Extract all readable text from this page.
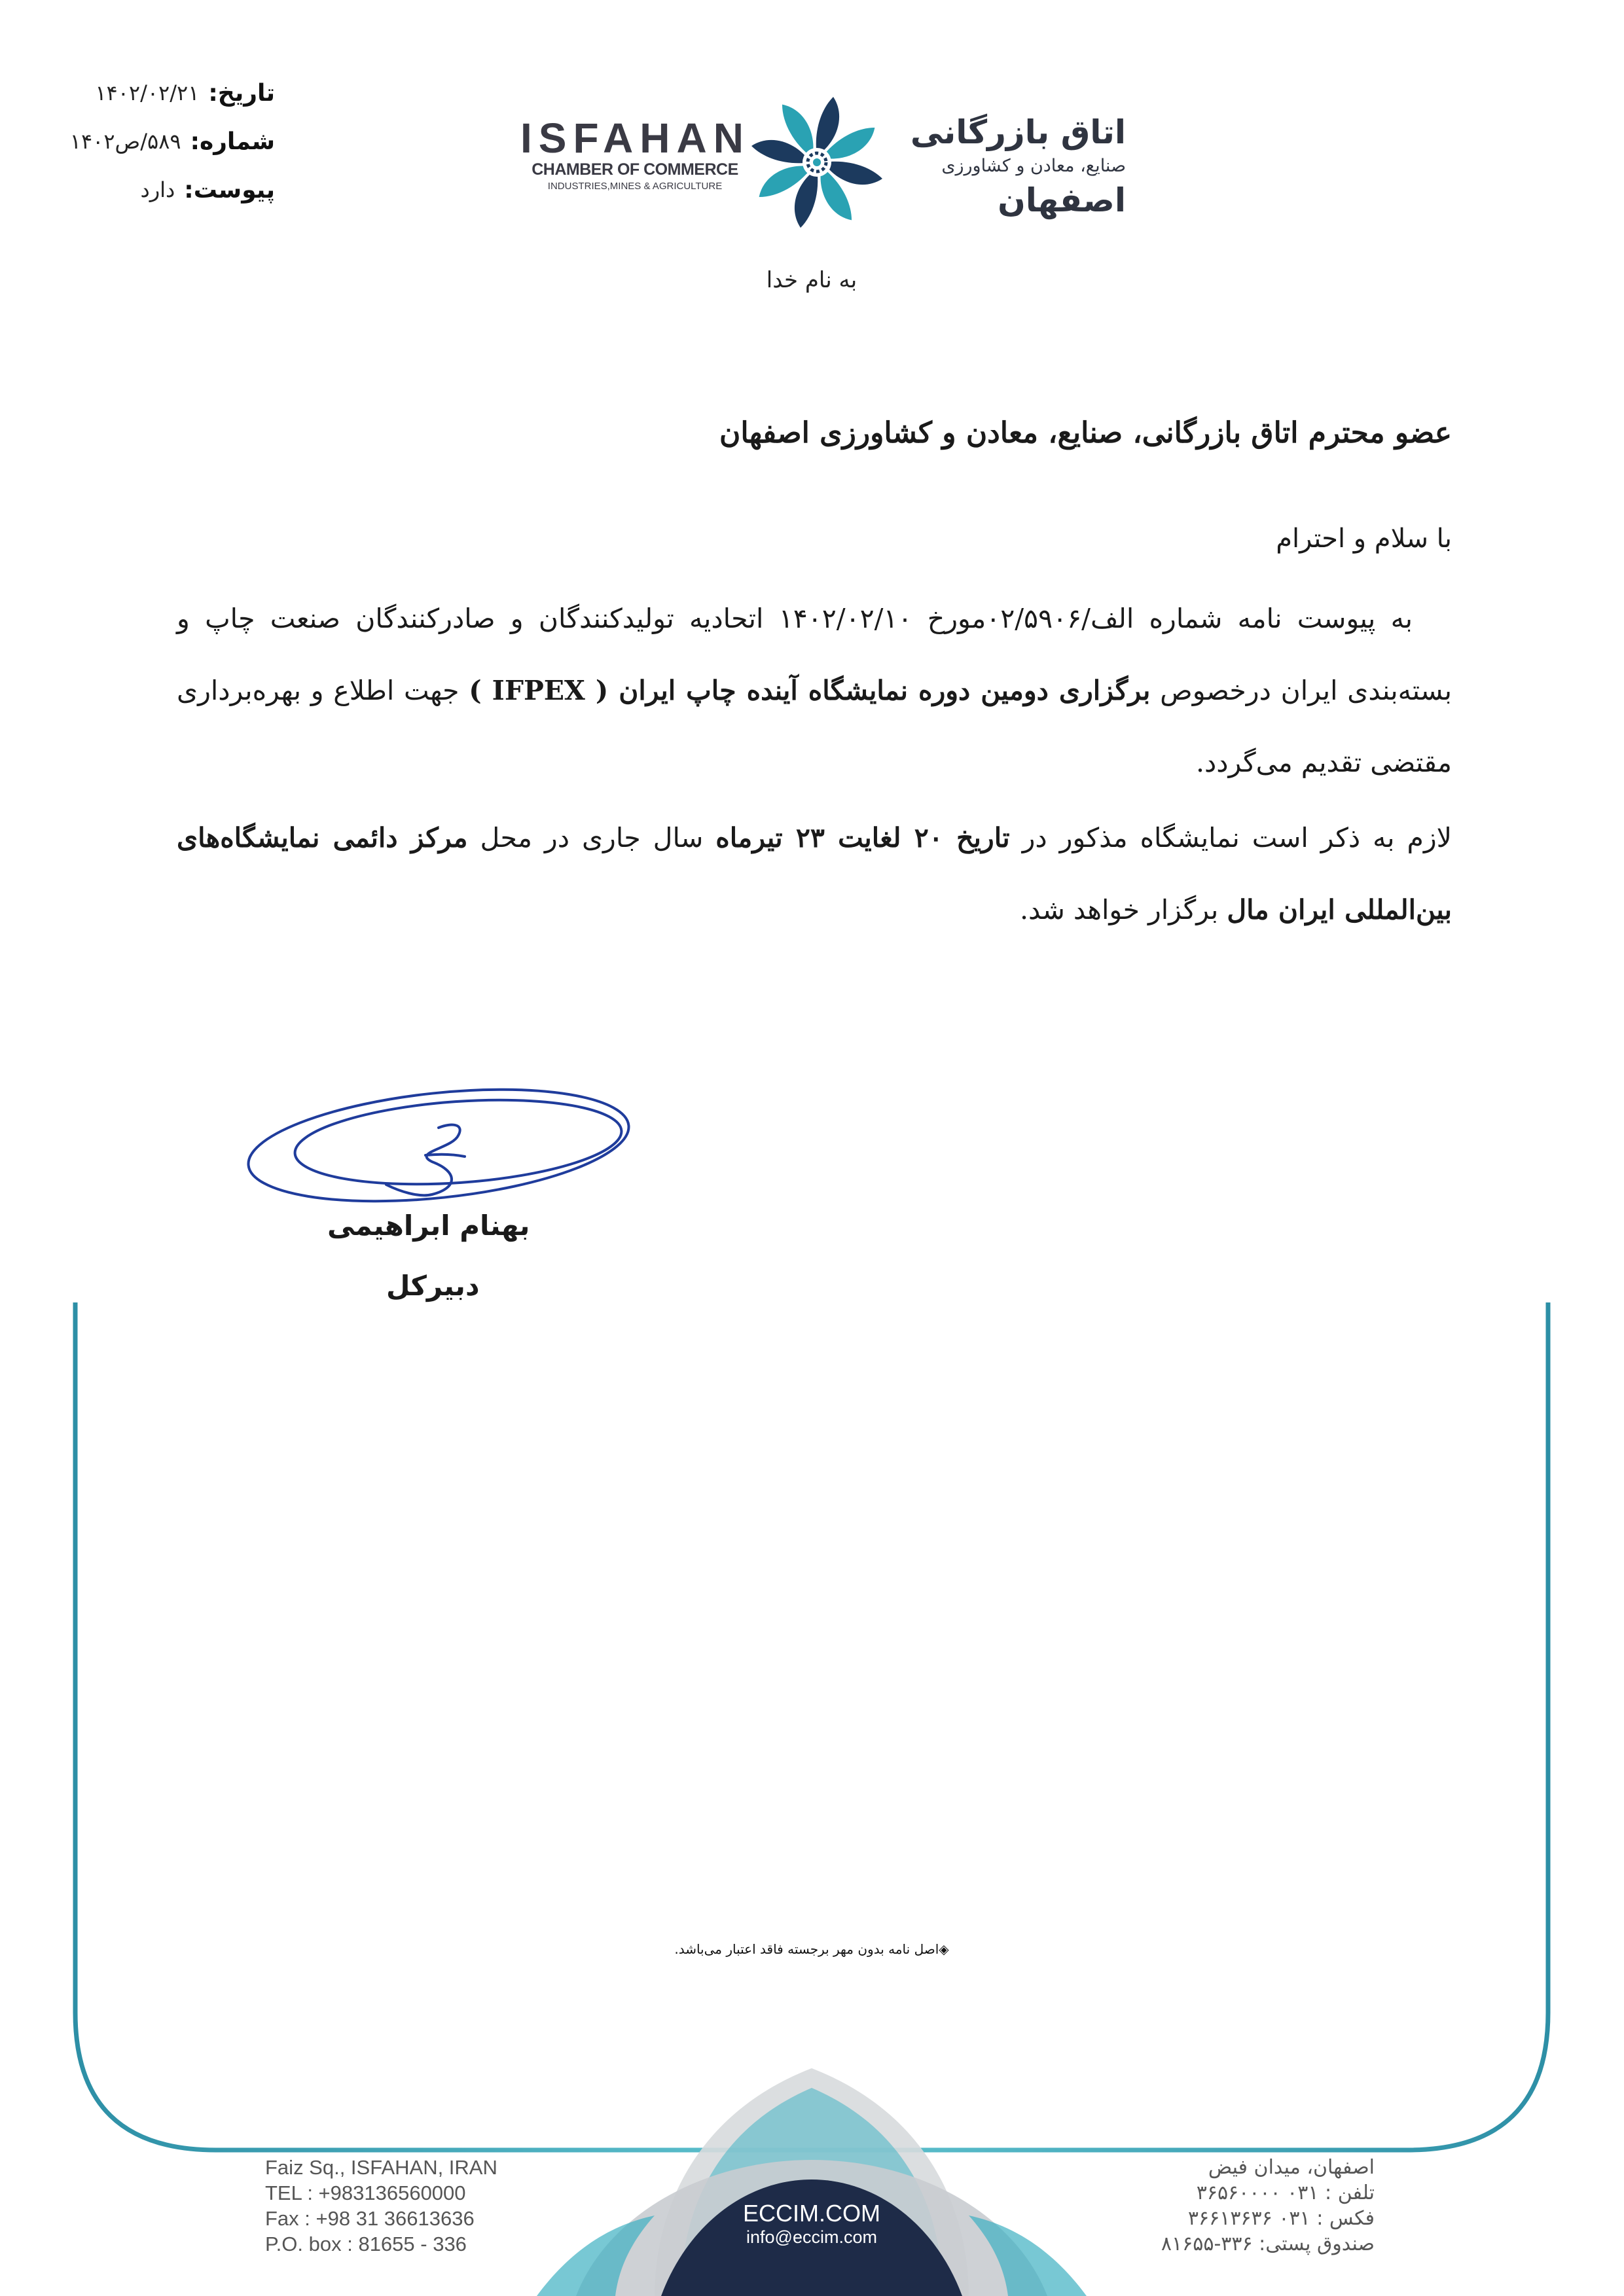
تاریخ:
۱۴۰۲/۰۲/۲۱
شماره:
۵۸۹/ص۱۴۰۲
پیوست:
دارد
ISFAHAN
CHAMBER OF COMMERCE
INDUSTRIES,MINES & AGRICULTURE
اتاق بازرگانی
صنایع، معادن و کشاورزی
اصفهان
به نام خدا
عضو محترم اتاق بازرگانی، صنایع، معادن و کشاورزی اصفهان
با سلام و احترام
به پیوست نامه شماره الف/۰۲/۵۹۰۶مورخ ۱۴۰۲/۰۲/۱۰ اتحادیه تولیدکنندگان و صادرکنندگان صنعت چاپ و بسته‌بندی ایران درخصوص برگزاری دومین دوره نمایشگاه آینده چاپ ایران ( IFPEX ) جهت اطلاع و بهره‌برداری مقتضی تقدیم می‌گردد.
لازم به ذکر است نمایشگاه مذکور در تاریخ ۲۰ لغایت ۲۳ تیرماه سال جاری در محل مرکز دائمی نمایشگاه‌های بین‌المللی ایران مال برگزار خواهد شد.
بهنام ابراهیمی
دبیرکل
◈اصل نامه بدون مهر برجسته فاقد اعتبار می‌باشد.
Faiz Sq., ISFAHAN, IRAN
TEL : +983136560000
Fax : +98 31 36613636
P.O. box : 81655 - 336
ECCIM.COM
info@eccim.com
اصفهان، میدان فیض
تلفن : ۰۳۱ ۳۶۵۶۰۰۰۰
فکس : ۰۳۱ ۳۶۶۱۳۶۳۶
صندوق پستی: ۳۳۶-۸۱۶۵۵
